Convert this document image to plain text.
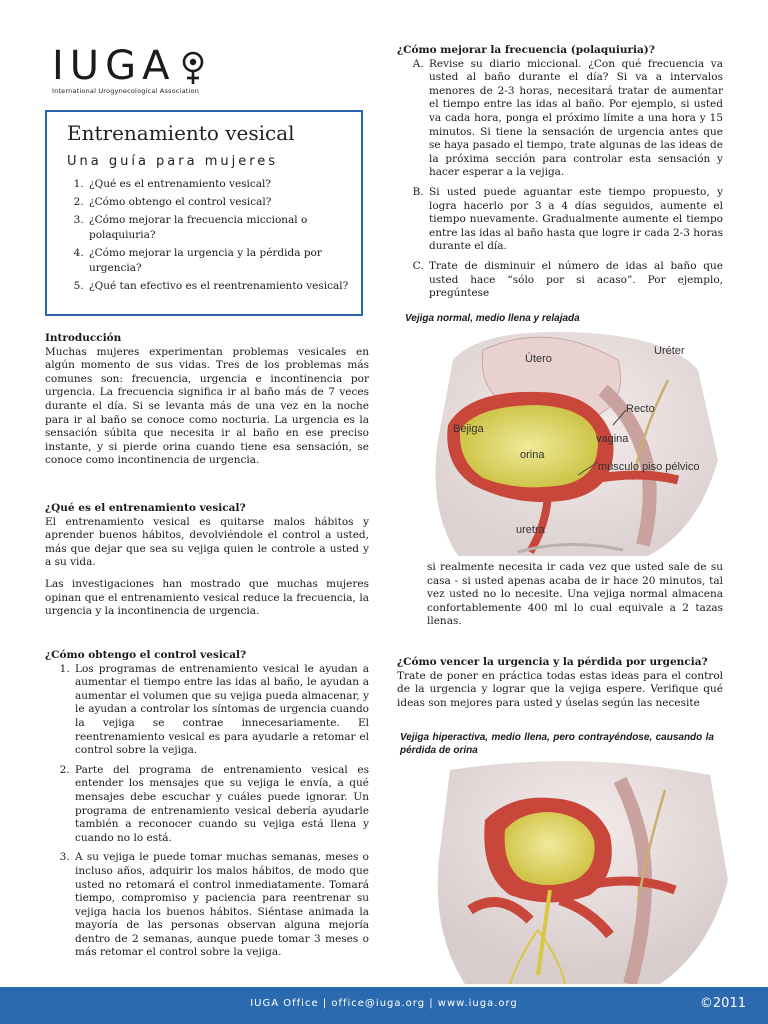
IUGA
International Urogynecological Association
Entrenamiento vesical
Una guía para mujeres
1. ¿Qué es el entrenamiento vesical?
2. ¿Cómo obtengo el control vesical?
3. ¿Cómo mejorar la frecuencia miccional o polaquiuria?
4. ¿Cómo mejorar la urgencia y la pérdida por urgencia?
5. ¿Qué tan efectivo es el reentrenamiento vesical?
Introducción

Muchas mujeres experimentan problemas vesicales en algún momento de sus vidas. Tres de los problemas más comunes son: frecuencia, urgencia e incontinencia por urgencia. La frecuencia significa ir al baño más de 7 veces durante el día. Si se levanta más de una vez en la noche para ir al baño se conoce como nocturia. La urgencia es la sensación súbita que necesita ir al baño en ese preciso instante, y si pierde orina cuando tiene esa sensación, se conoce como incontinencia de urgencia.

¿Qué es el entrenamiento vesical?

El entrenamiento vesical es quitarse malos hábitos y aprender buenos hábitos, devolviéndole el control a usted, más que dejar que sea su vejiga quien le controle a usted y a su vida.

Las investigaciones han mostrado que muchas mujeres opinan que el entrenamiento vesical reduce la frecuencia, la urgencia y la incontinencia de urgencia.

¿Cómo obtengo el control vesical?
1. Los programas de entrenamiento vesical le ayudan a aumentar el tiempo entre las idas al baño, le ayudan a aumentar el volumen que su vejiga pueda almacenar, y le ayudan a controlar los síntomas de urgencia cuando la vejiga se contrae innecesariamente. El reentrenamiento vesical es para ayudarle a retomar el control sobre la vejiga.
2. Parte del programa de entrenamiento vesical es entender los mensajes que su vejiga le envía, a qué mensajes debe escuchar y cuáles puede ignorar. Un programa de entrenamiento vesical debería ayudarle también a reconocer cuando su vejiga está llena y cuando no lo está.
3. A su vejiga le puede tomar muchas semanas, meses o incluso años, adquirir los malos hábitos, de modo que usted no retomará el control inmediatamente. Tomará tiempo, compromiso y paciencia para reentrenar su vejiga hacia los buenos hábitos. Siéntase animada la mayoría de las personas observan alguna mejoría dentro de 2 semanas, aunque puede tomar 3 meses o más retomar el control sobre la vejiga.
¿Cómo mejorar la frecuencia (polaquiuria)?
A. Revise su diario miccional. ¿Con qué frecuencia va usted al baño durante el día? Si va a intervalos menores de 2-3 horas, necesitará tratar de aumentar el tiempo entre las idas al baño. Por ejemplo, si usted va cada hora, ponga el próximo límite a una hora y 15 minutos. Si tiene la sensación de urgencia antes que se haya pasado el tiempo, trate algunas de las ideas de la próxima sección para controlar esta sensación y hacer esperar a la vejiga.
B. Si usted puede aguantar este tiempo propuesto, y logra hacerlo por 3 a 4 días seguidos, aumente el tiempo nuevamente. Gradualmente aumente el tiempo entre las idas al baño hasta que logre ir cada 2-3 horas durante el día.
C. Trate de disminuir el número de idas al baño que usted hace “sólo por si acaso”. Por ejemplo, pregúntese
Vejiga normal, medio llena y relajada
Útero
Uréter
Recto
Bejiga
vagina
orina
músculo piso pélvico
uretra

si realmente necesita ir cada vez que usted sale de su casa - si usted apenas acaba de ir hace 20 minutos, tal vez usted no lo necesite. Una vejiga normal almacena confortablemente 400 ml lo cual equivale a 2 tazas llenas.

¿Cómo vencer la urgencia y la pérdida por urgencia?

Trate de poner en práctica todas estas ideas para el control de la urgencia y lograr que la vejiga espere. Verifique qué ideas son mejores para usted y úselas según las necesite

Vejiga hiperactiva, medio llena, pero contrayéndose, causando la pérdida de orina
IUGA Office | office@iuga.org | www.iuga.org	©2011
